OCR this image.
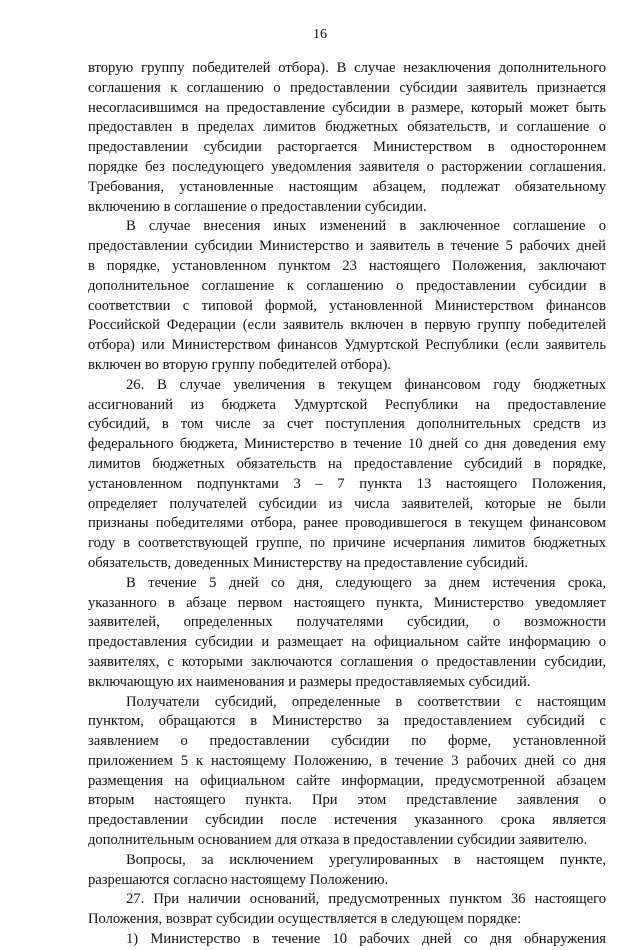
16

вторую группу победителей отбора). В случае незаключения дополнительного

соглашения к соглашению о предоставлении субсидии заявитель признается

несогласившимся на предоставление субсидии в размере, который может быть

предоставлен в пределах лимитов бюджетных обязательств, и соглашение о

предоставлении субсидии расторгается Министерством в одностороннем

порядке без последующего уведомления заявителя о расторжении соглашения.

Требования, установленные настоящим абзацем, подлежат обязательному

включению в соглашение о предоставлении субсидии.

В случае внесения иных изменений в заключенное соглашение о

предоставлении субсидии Министерство и заявитель в течение 5 рабочих дней

в порядке, установленном пунктом 23 настоящего Положения, заключают

дополнительное соглашение к соглашению о предоставлении субсидии в

соответствии с типовой формой, установленной Министерством финансов

Российской Федерации (если заявитель включен в первую группу победителей

отбора) или Министерством финансов Удмуртской Республики (если заявитель

включен во вторую группу победителей отбора).

26. В случае увеличения в текущем финансовом году бюджетных

ассигнований из бюджета Удмуртской Республики на предоставление

субсидий, в том числе за счет поступления дополнительных средств из

федерального бюджета, Министерство в течение 10 дней со дня доведения ему

лимитов бюджетных обязательств на предоставление субсидий в порядке,

установленном подпунктами 3 – 7 пункта 13 настоящего Положения,

определяет получателей субсидии из числа заявителей, которые не были

признаны победителями отбора, ранее проводившегося в текущем финансовом

году в соответствующей группе, по причине исчерпания лимитов бюджетных

обязательств, доведенных Министерству на предоставление субсидий.

В течение 5 дней со дня, следующего за днем истечения срока,

указанного в абзаце первом настоящего пункта, Министерство уведомляет

заявителей, определенных получателями субсидии, о возможности

предоставления субсидии и размещает на официальном сайте информацию о

заявителях, с которыми заключаются соглашения о предоставлении субсидии,

включающую их наименования и размеры предоставляемых субсидий.

Получатели субсидий, определенные в соответствии с настоящим

пунктом, обращаются в Министерство за предоставлением субсидий с

заявлением о предоставлении субсидии по форме, установленной

приложением 5 к настоящему Положению, в течение 3 рабочих дней со дня

размещения на официальном сайте информации, предусмотренной абзацем

вторым настоящего пункта. При этом представление заявления о

предоставлении субсидии после истечения указанного срока является

дополнительным основанием для отказа в предоставлении субсидии заявителю.

Вопросы, за исключением урегулированных в настоящем пункте,

разрешаются согласно настоящему Положению.

27. При наличии оснований, предусмотренных пунктом 36 настоящего

Положения, возврат субсидии осуществляется в следующем порядке:

1) Министерство в течение 10 рабочих дней со дня обнаружения
